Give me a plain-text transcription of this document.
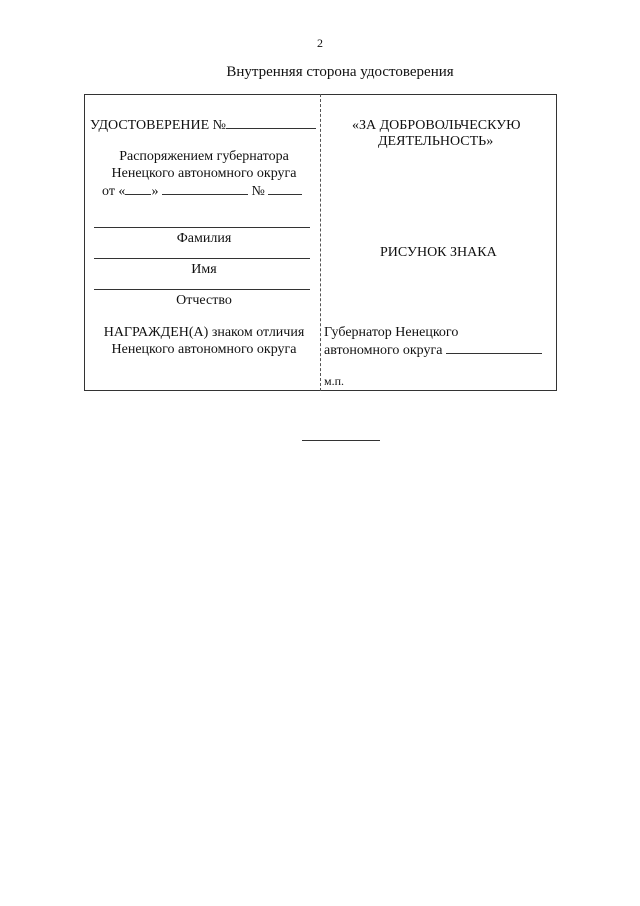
2
Внутренняя сторона удостоверения
УДОСТОВЕРЕНИЕ №
Распоряжением губернатора
Ненецкого автономного округа
от « »	№
Фамилия
Имя
Отчество
НАГРАЖДЕН(А) знаком отличия
Ненецкого автономного округа
«ЗА ДОБРОВОЛЬЧЕСКУЮ
ДЕЯТЕЛЬНОСТЬ»
РИСУНОК ЗНАКА
Губернатор Ненецкого
автономного округа
м.п.
